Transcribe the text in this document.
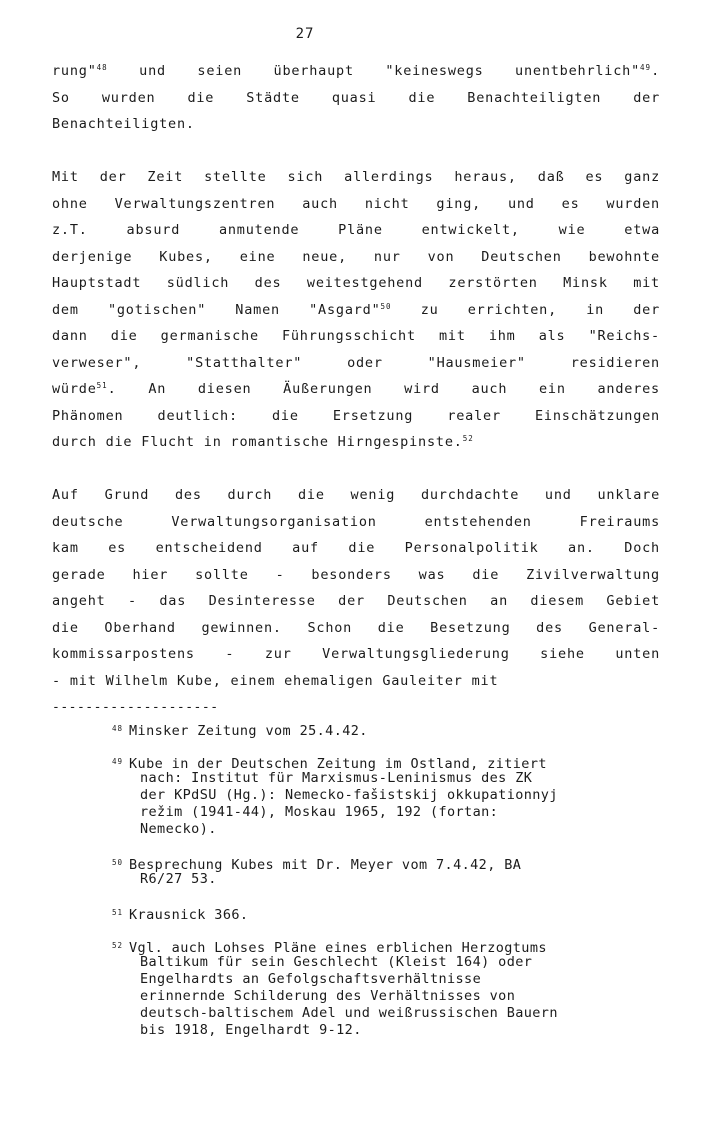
27
rung"$^{48}$ und seien überhaupt "keineswegs unentbehrlich"$^{49}$.
So wurden die Städte quasi die Benachteiligten der
Benachteiligten.
Mit der Zeit stellte sich allerdings heraus, daß es ganz
ohne Verwaltungszentren auch nicht ging, und es wurden
z.T. absurd anmutende Pläne entwickelt, wie etwa
derjenige Kubes, eine neue, nur von Deutschen bewohnte
Hauptstadt südlich des weitestgehend zerstörten Minsk mit
dem "gotischen" Namen "Asgard"$^{50}$ zu errichten, in der
dann die germanische Führungsschicht mit ihm als "Reichs-
verweser", "Statthalter" oder "Hausmeier" residieren
würde$^{51}$. An diesen Äußerungen wird auch ein anderes
Phänomen deutlich: die Ersetzung realer Einschätzungen
durch die Flucht in romantische Hirngespinste.$^{52}$
Auf Grund des durch die wenig durchdachte und unklare
deutsche Verwaltungsorganisation entstehenden Freiraums
kam es entscheidend auf die Personalpolitik an. Doch
gerade hier sollte - besonders was die Zivilverwaltung
angeht - das Desinteresse der Deutschen an diesem Gebiet
die Oberhand gewinnen. Schon die Besetzung des General-
kommissarpostens - zur Verwaltungsgliederung siehe unten
- mit Wilhelm Kube, einem ehemaligen Gauleiter mit
--------------------
$^{48}$ Minsker Zeitung vom 25.4.42.
$^{49}$ Kube in der Deutschen Zeitung im Ostland, zitiert
nach: Institut für Marxismus-Leninismus des ZK
der KPdSU (Hg.): Nemecko-fašistskij okkupationnyj
režim (1941-44), Moskau 1965, 192 (fortan:
Nemecko).
$^{50}$ Besprechung Kubes mit Dr. Meyer vom 7.4.42, BA
R6/27 53.
$^{51}$ Krausnick 366.
$^{52}$ Vgl. auch Lohses Pläne eines erblichen Herzogtums
Baltikum für sein Geschlecht (Kleist 164) oder
Engelhardts an Gefolgschaftsverhältnisse
erinnernde Schilderung des Verhältnisses von
deutsch-baltischem Adel und weißrussischen Bauern
bis 1918, Engelhardt 9-12.
